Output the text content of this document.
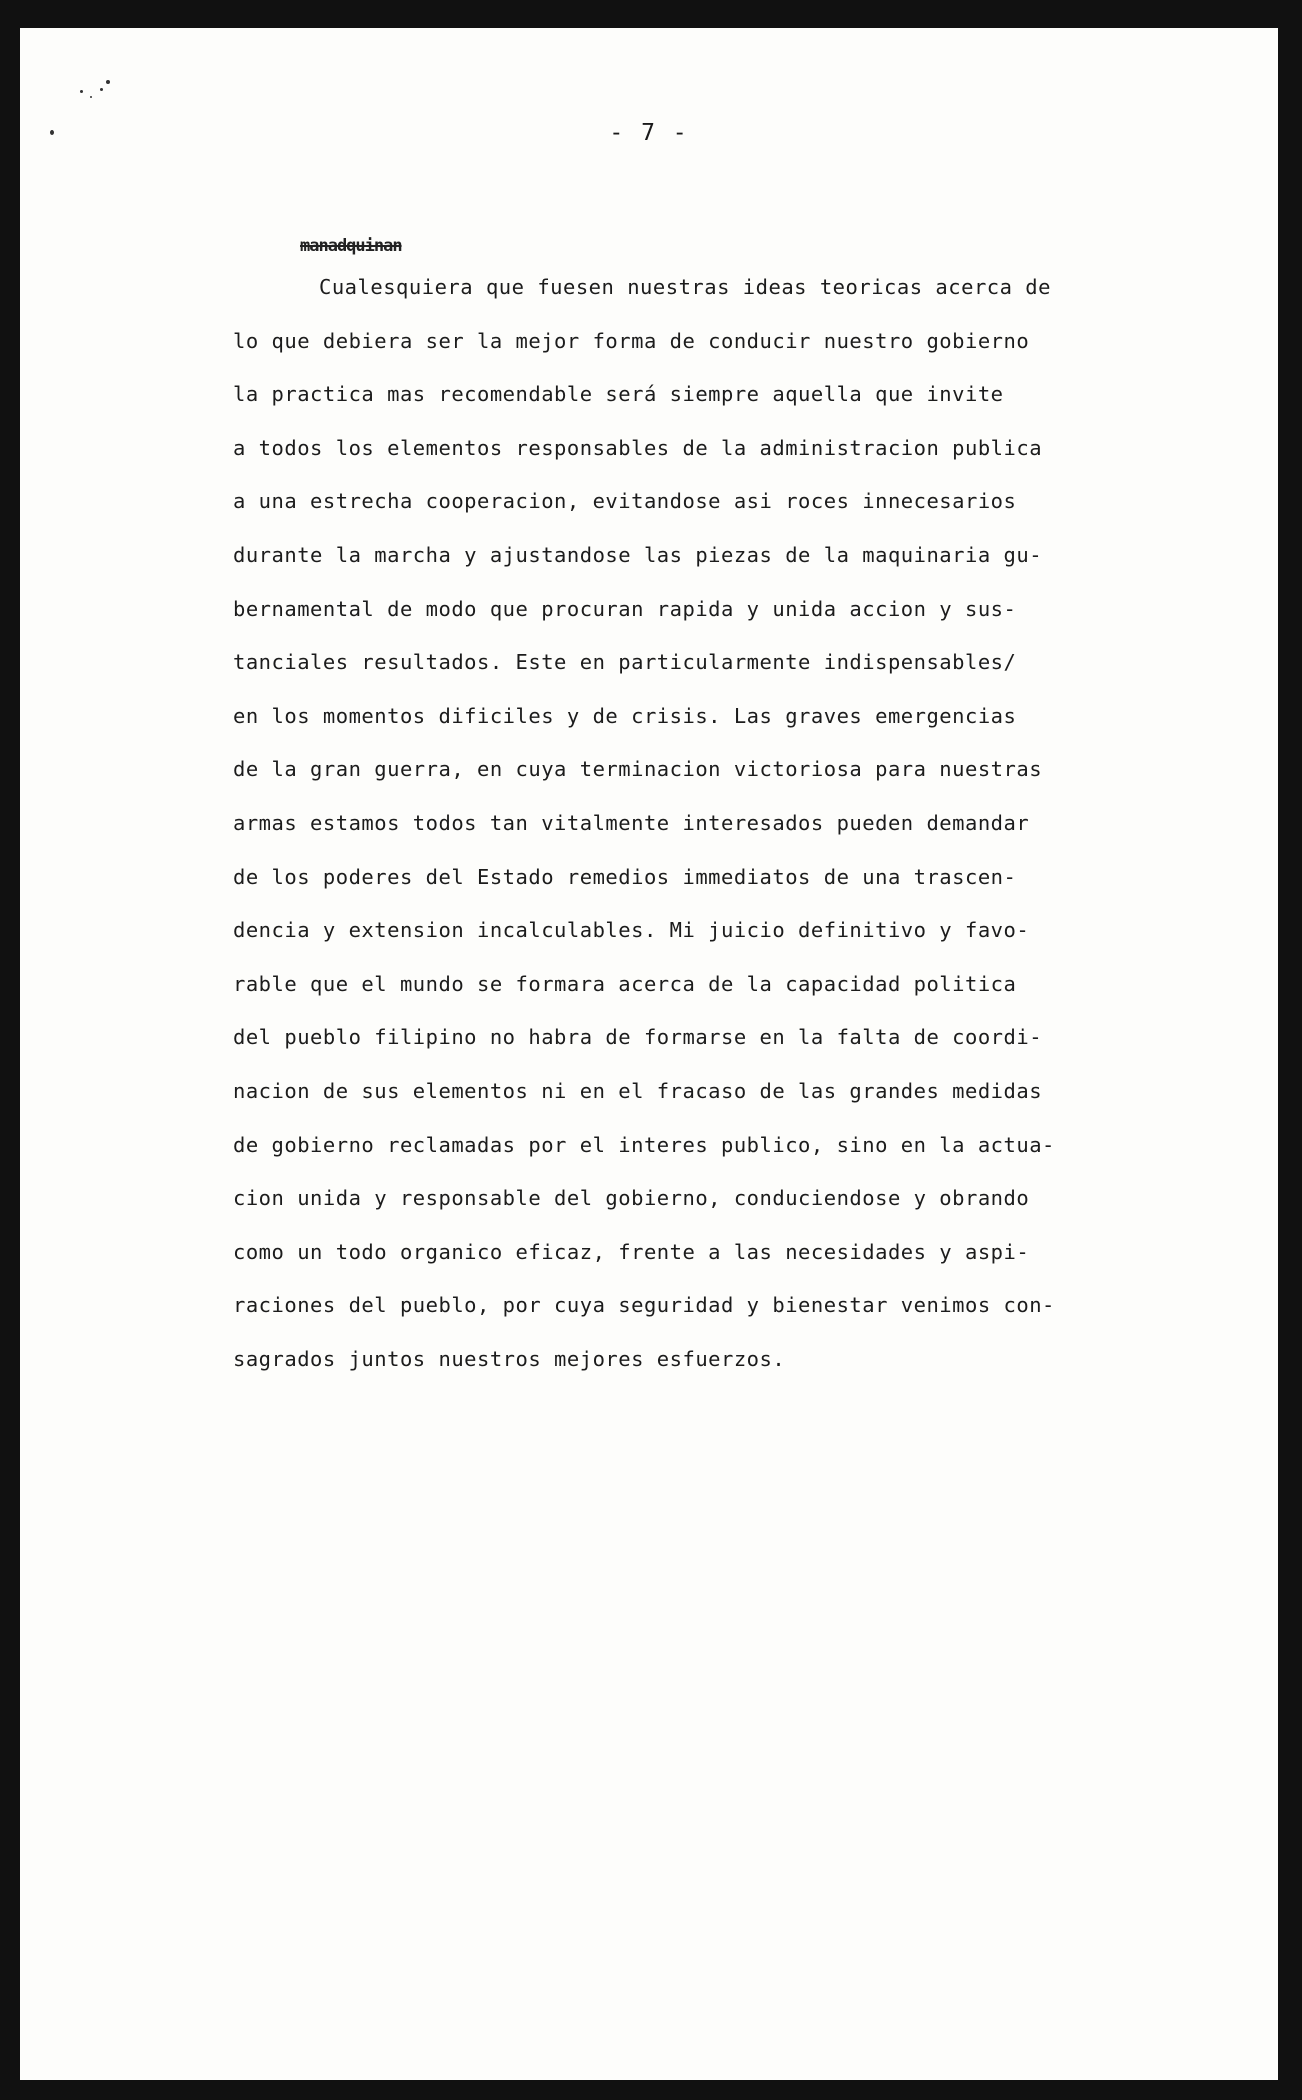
- 7 -
manadquinan
Cualesquiera que fuesen nuestras ideas teoricas acerca de
lo que debiera ser la mejor forma de conducir nuestro gobierno
la practica mas recomendable será siempre aquella que invite
a todos los elementos responsables de la administracion publica
a una estrecha cooperacion, evitandose asi roces innecesarios
durante la marcha y ajustandose las piezas de la maquinaria gu-
bernamental de modo que procuran rapida y unida accion y sus-
tanciales resultados. Este en particularmente indispensables/
en los momentos dificiles y de crisis. Las graves emergencias
de la gran guerra, en cuya terminacion victoriosa para nuestras
armas estamos todos tan vitalmente interesados pueden demandar
de los poderes del Estado remedios immediatos de una trascen-
dencia y extension incalculables. Mi juicio definitivo y favo-
rable que el mundo se formara acerca de la capacidad politica
del pueblo filipino no habra de formarse en la falta de coordi-
nacion de sus elementos ni en el fracaso de las grandes medidas
de gobierno reclamadas por el interes publico, sino en la actua-
cion unida y responsable del gobierno, conduciendose y obrando
como un todo organico eficaz, frente a las necesidades y aspi-
raciones del pueblo, por cuya seguridad y bienestar venimos con-
sagrados juntos nuestros mejores esfuerzos.
